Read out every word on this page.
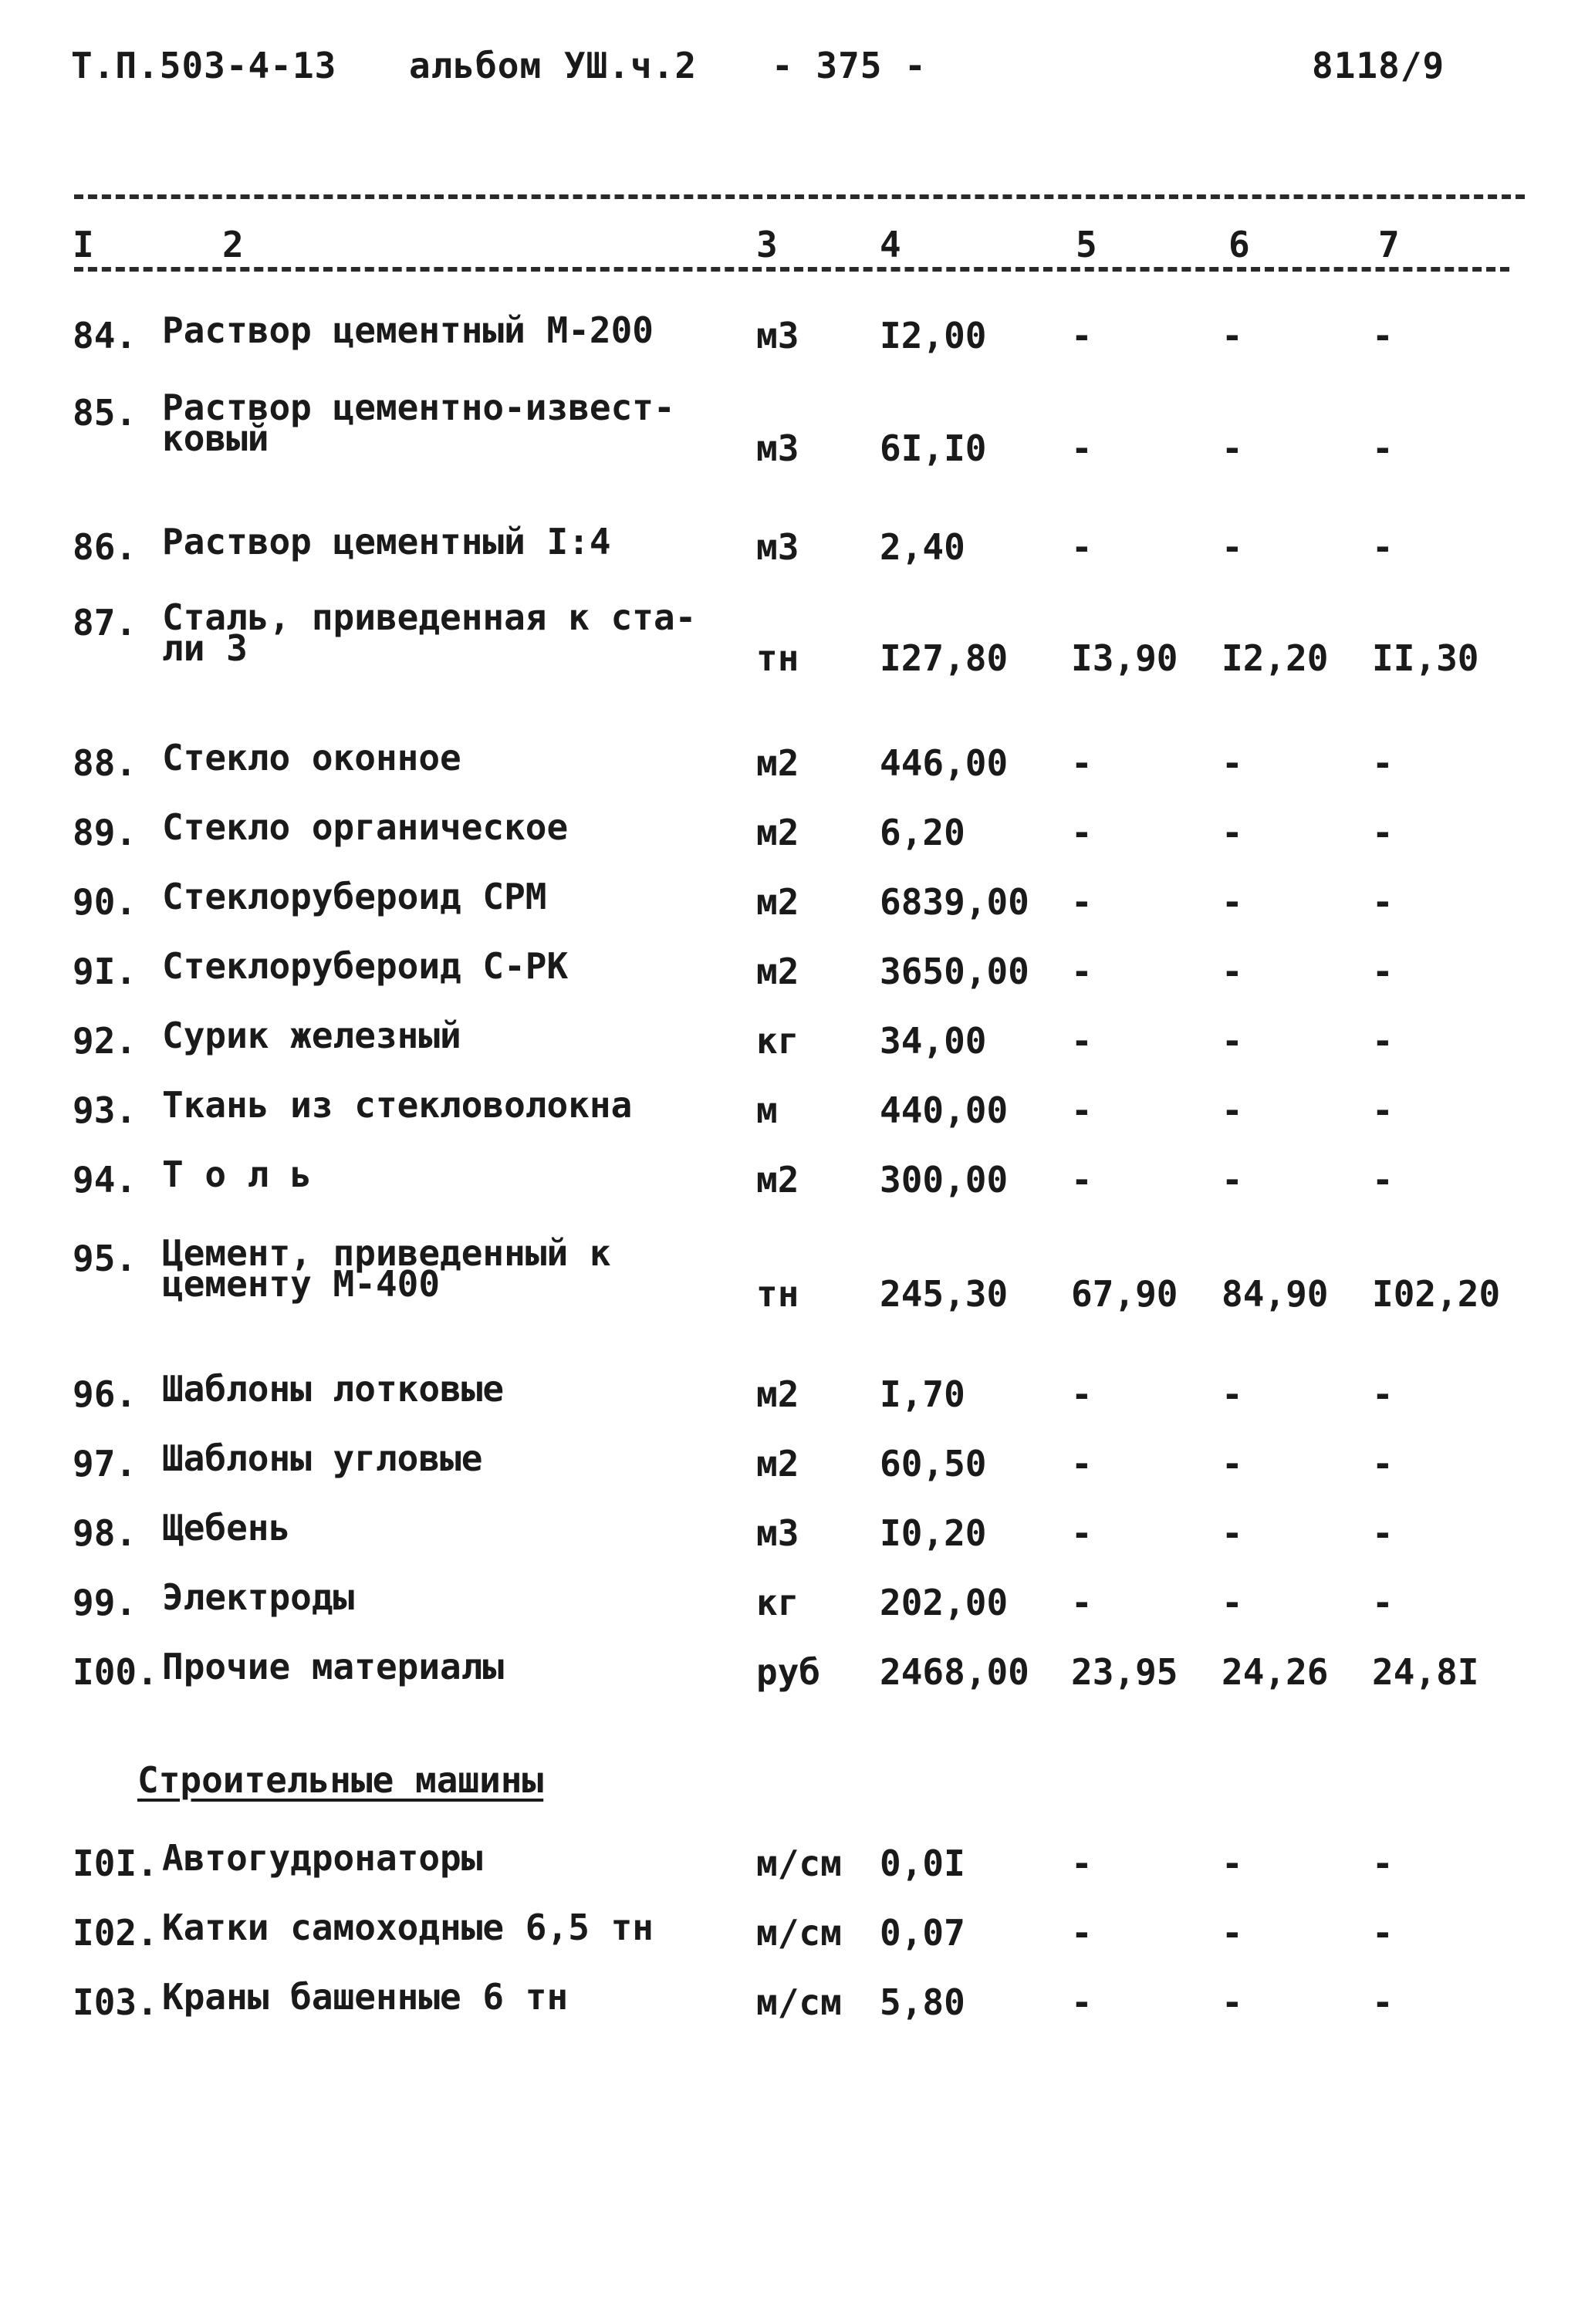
Т.П.503-4-13 альбом УШ.ч.2 - 375 -	8118/9
I	2	3	4	5	6	7
84. Раствор цементный М-200	м3 I2,00 -	-	-
85. Раствор цементно-извест-
ковый	м3 6I,I0 -	-	-
86. Раствор цементный I:4	м3 2,40	-	-	-
87. Сталь, приведенная к ста-
ли 3	тн I27,80 I3,90 I2,20 II,30
88. Стекло оконное	м2 446,00 -	-	-
89. Стекло органическое	м2 6,20	-	-	-
90. Стеклорубероид СРМ	м2 6839,00 -	-	-
9I. Стеклорубероид С-РК	м2 3650,00 -	-	-
92. Сурик железный	кг 34,00 -	-	-
93. Ткань из стекловолокна	м	440,00 -	-	-
94. Т о л ь	м2 300,00 -	-	-
95. Цемент, приведенный к
цементу М-400	тн 245,30 67,90 84,90 I02,20
96. Шаблоны лотковые	м2 I,70	-	-	-
97. Шаблоны угловые	м2 60,50 -	-	-
98. Щебень	м3 I0,20 -	-	-
99. Электроды	кг 202,00 -	-	-
I00. Прочие материалы	руб 2468,00 23,95 24,26 24,8I
Строительные машины
I0I. Автогудронаторы	м/см 0,0I	-	-	-
I02. Катки самоходные 6,5 тн	м/см 0,07	-	-	-
I03. Краны башенные 6 тн	м/см 5,80	-	-	-
